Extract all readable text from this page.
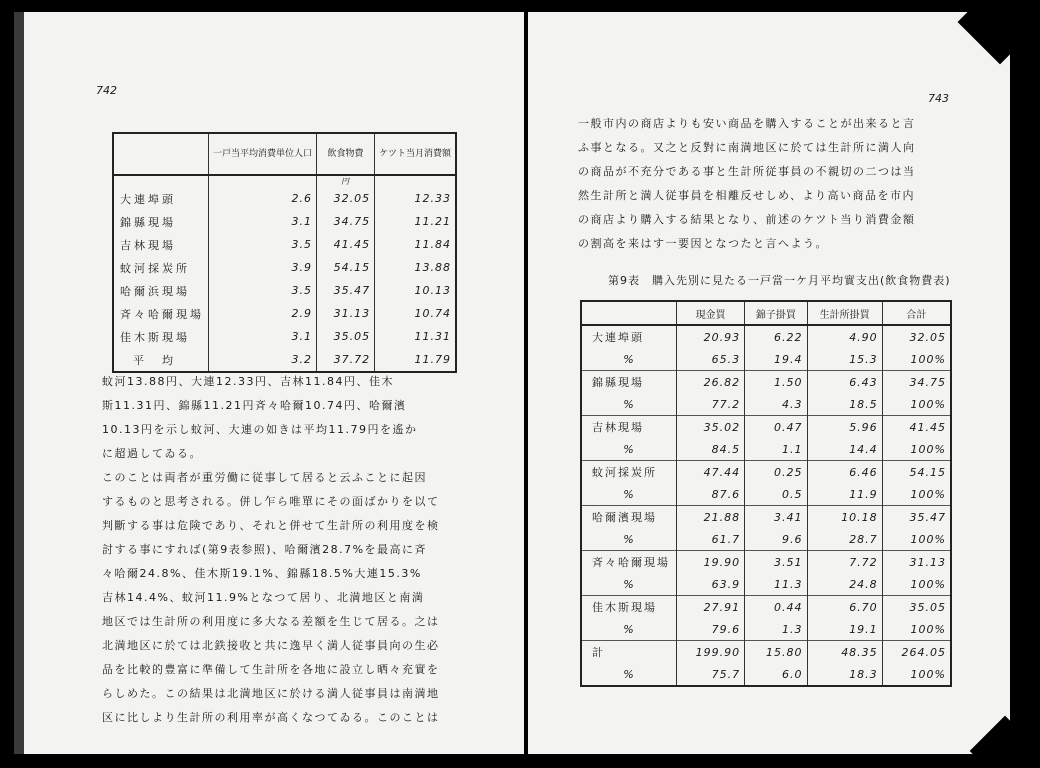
742
	一戸当平均消費単位人口	飲食物費	ケツト当月消費額
		円	
大連埠頭	2.6	32.05	12.33
錦縣現場	3.1	34.75	11.21
吉林現場	3.5	41.45	11.84
蚊河採炭所	3.9	54.15	13.88
哈爾浜現場	3.5	35.47	10.13
斉々哈爾現場	2.9	31.13	10.74
佳木斯現場	3.1	35.05	11.31
平均	3.2	37.72	11.79
蚊河13.88円、大連12.33円、吉林11.84円、佳木
斯11.31円、錦縣11.21円斉々哈爾10.74円、哈爾濱
10.13円を示し蚊河、大連の如きは平均11.79円を遙か
に超過してゐる。
このことは両者が重労働に従事して居ると云ふことに起因
するものと思考される。併し乍ら唯單にその面ばかりを以て
判斷する事は危険であり、それと併せて生計所の利用度を検
討する事にすれば(第9表参照)、哈爾濱28.7%を最高に斉
々哈爾24.8%、佳木斯19.1%、錦縣18.5%大連15.3%
吉林14.4%、蚊河11.9%となつて居り、北満地区と南満
地区では生計所の利用度に多大なる差額を生じて居る。之は
北満地区に於ては北鉄接收と共に逸早く満人従事員向の生必
品を比較的豊富に準備して生計所を各地に設立し晒々充實を
らしめた。この結果は北満地区に於ける満人従事員は南満地
区に比しより生計所の利用率が高くなつてゐる。このことは
743
一般市内の商店よりも安い商品を購入することが出来ると言
ふ事となる。又之と反對に南満地区に於ては生計所に満人向
の商品が不充分である事と生計所従事員の不親切の二つは当
然生計所と満人従事員を相離反せしめ、より高い商品を市内
の商店より購入する結果となり、前述のケツト当り消費金額
の割高を来はす一要因となつたと言へよう。
第9表　購入先別に見たる一戸當一ケ月平均實支出(飲食物費表)
	現金買	錦子掛買	生計所掛買	合計
大連埠頭	20.93	6.22	4.90	32.05
%	65.3	19.4	15.3	100%
錦縣現場	26.82	1.50	6.43	34.75
%	77.2	4.3	18.5	100%
吉林現場	35.02	0.47	5.96	41.45
%	84.5	1.1	14.4	100%
蚊河採炭所	47.44	0.25	6.46	54.15
%	87.6	0.5	11.9	100%
哈爾濱現場	21.88	3.41	10.18	35.47
%	61.7	9.6	28.7	100%
斉々哈爾現場	19.90	3.51	7.72	31.13
%	63.9	11.3	24.8	100%
佳木斯現場	27.91	0.44	6.70	35.05
%	79.6	1.3	19.1	100%
計	199.90	15.80	48.35	264.05
%	75.7	6.0	18.3	100%
